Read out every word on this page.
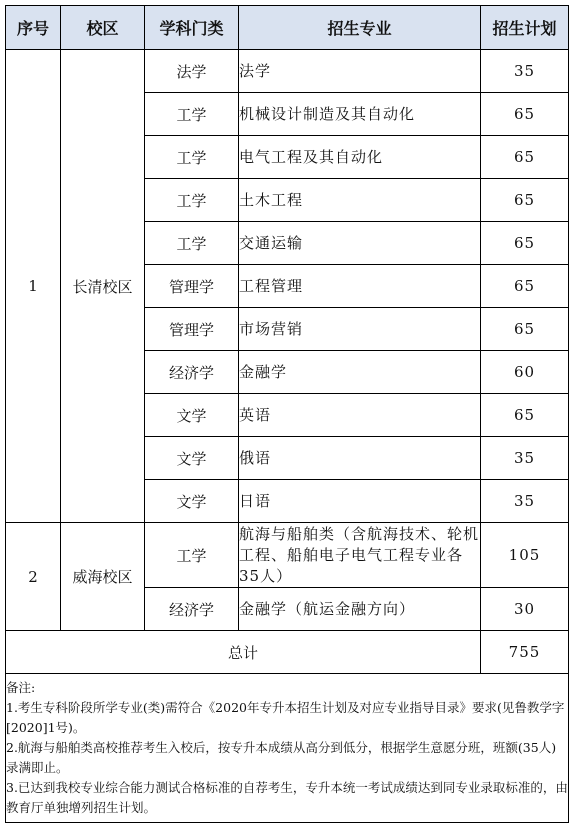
序号	校区	学科门类	招生专业	招生计划
1	长清校区	法学	法学	35
		工学	机械设计制造及其自动化	65
		工学	电气工程及其自动化	65
		工学	土木工程	65
		工学	交通运输	65
		管理学	工程管理	65
		管理学	市场营销	65
		经济学	金融学	60
		文学	英语	65
		文学	俄语	35
		文学	日语	35
2	威海校区	工学	航海与船舶类（含航海技术、轮机工程、船舶电子电气工程专业各35人）	105
		经济学	金融学（航运金融方向）	30
总计				755

备注:
1.考生专科阶段所学专业(类)需符合《2020年专升本招生计划及对应专业指导目录》要求(见鲁教学字[2020]1号)。
2.航海与船舶类高校推荐考生入校后，按专升本成绩从高分到低分，根据学生意愿分班，班额(35人)录满即止。
3.已达到我校专业综合能力测试合格标准的自荐考生，专升本统一考试成绩达到同专业录取标准的，由教育厅单独增列招生计划。				
